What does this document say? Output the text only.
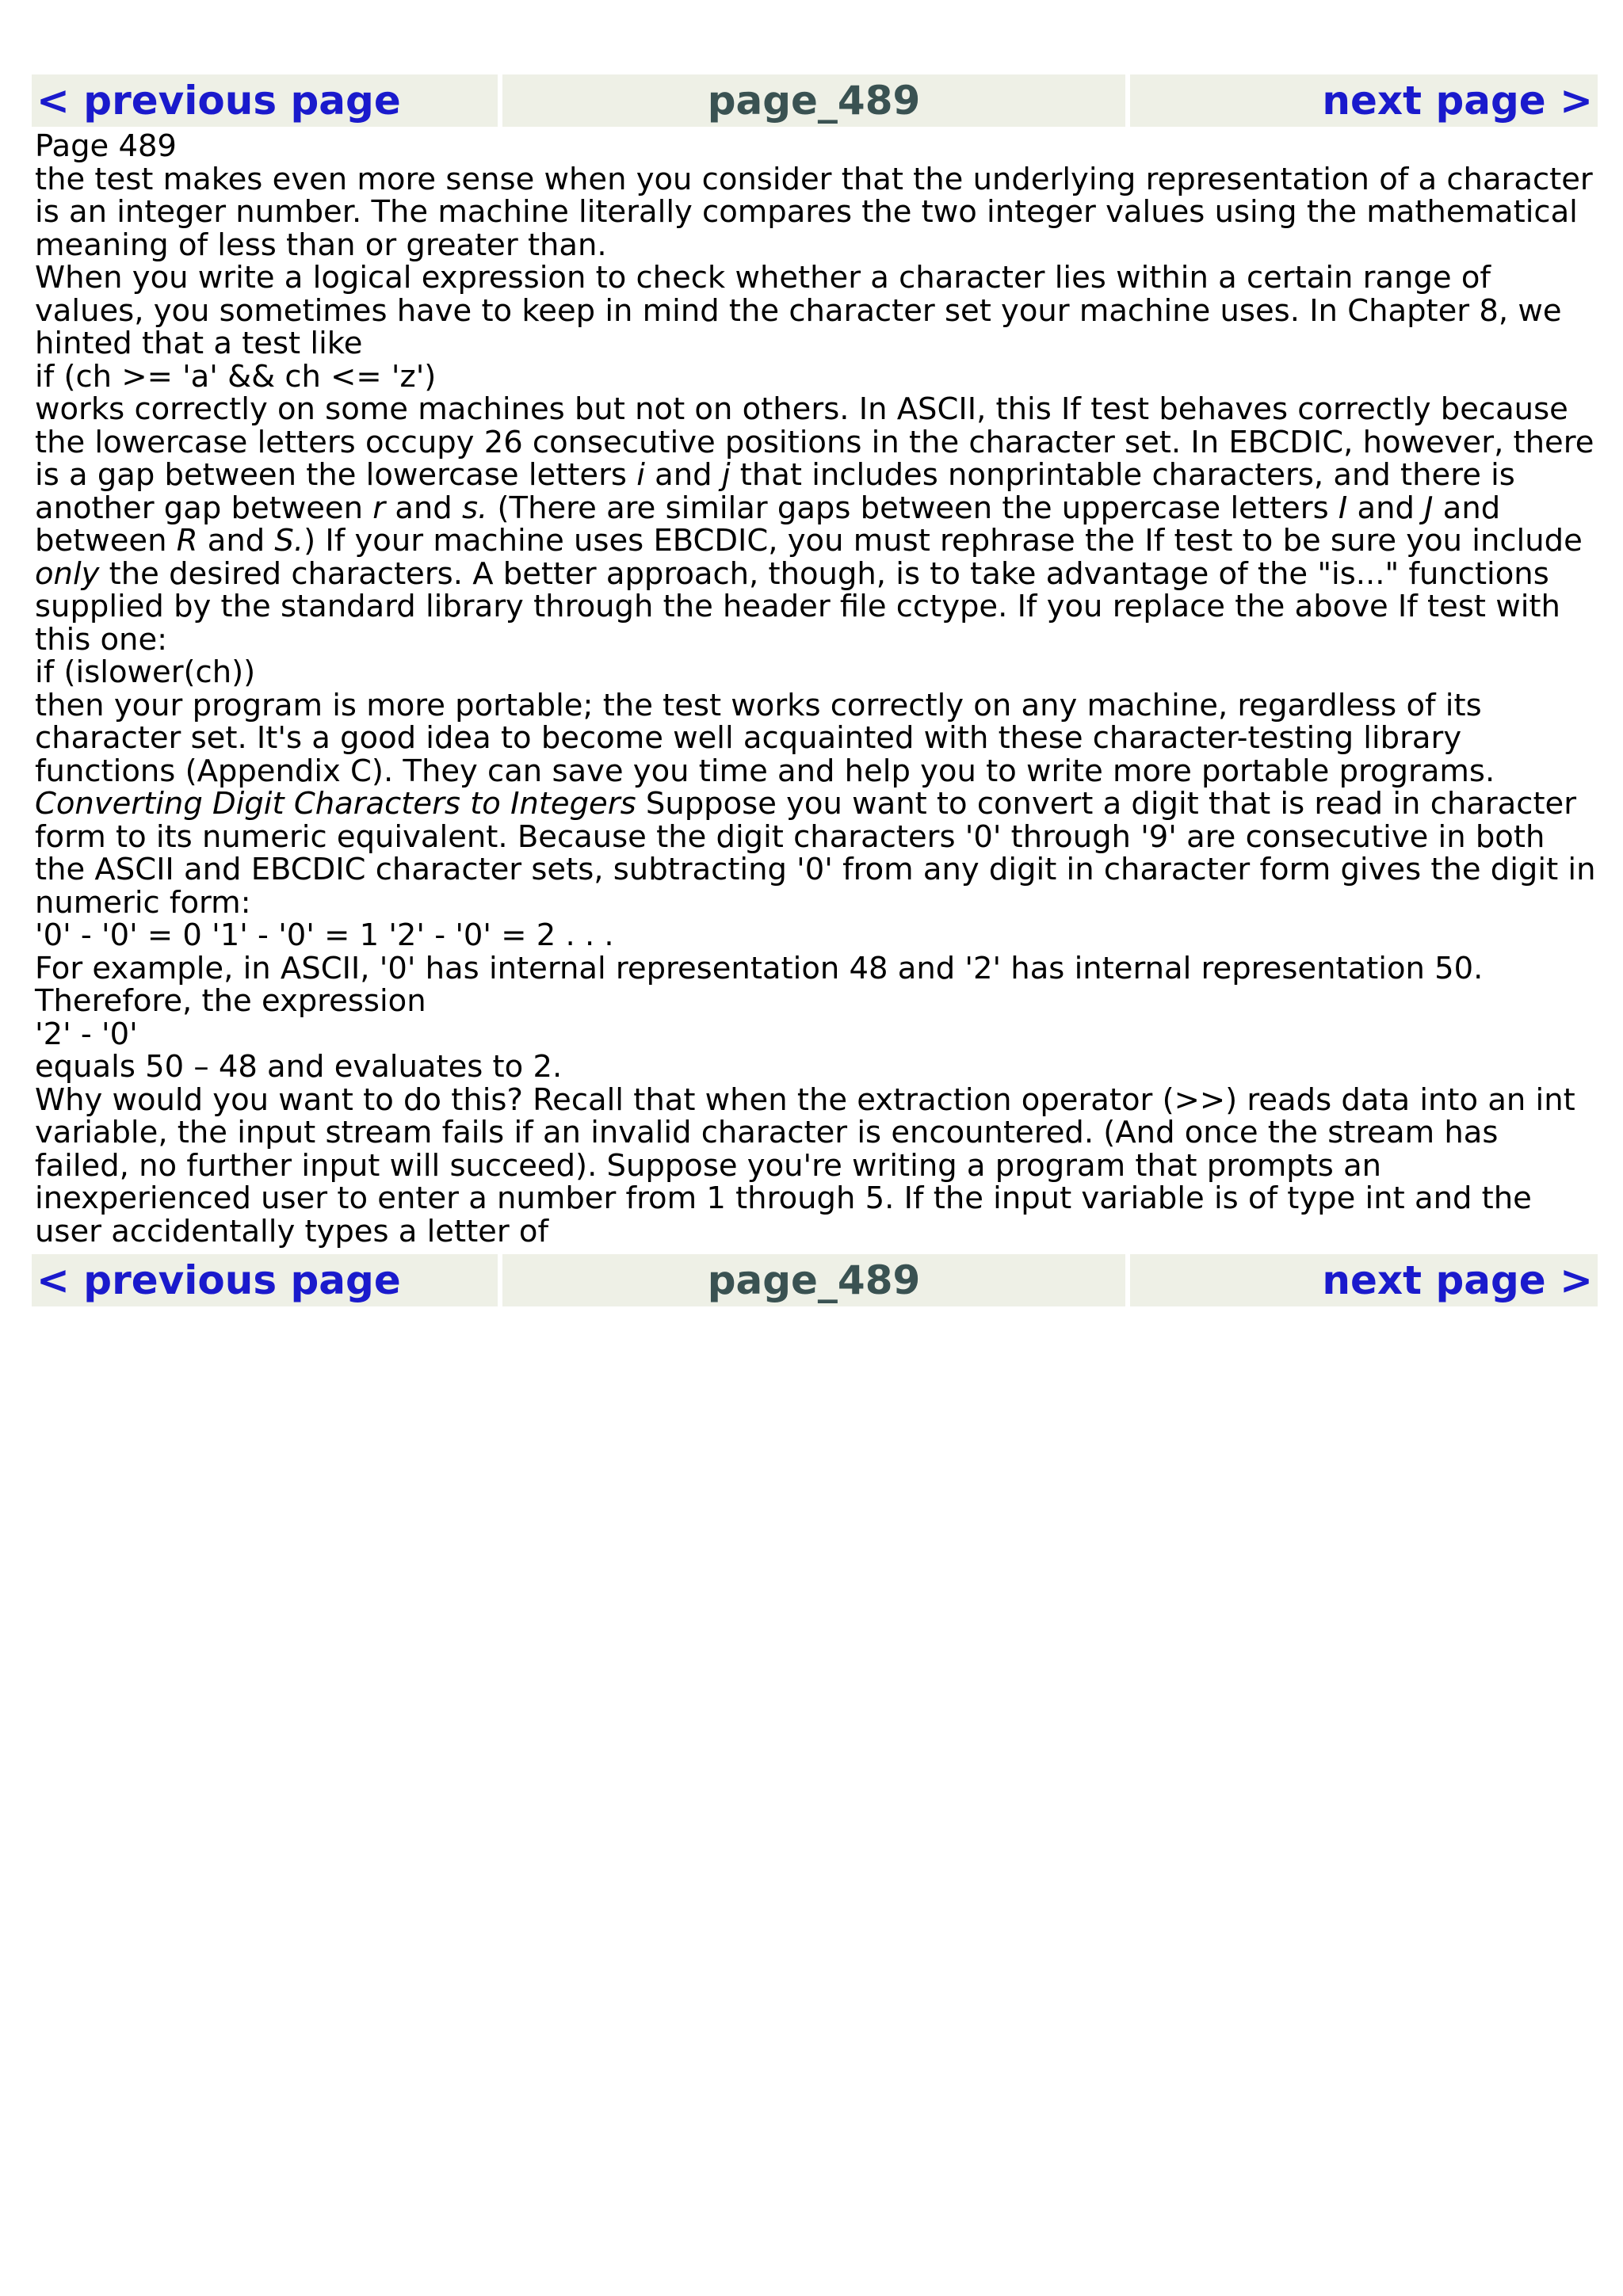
< previous page	page_489	next page >

Page 489

the test makes even more sense when you consider that the underlying representation of a character is an integer number. The machine literally compares the two integer values using the mathematical meaning of less than or greater than.

When you write a logical expression to check whether a character lies within a certain range of values, you sometimes have to keep in mind the character set your machine uses. In Chapter 8, we hinted that a test like

if (ch >= 'a' && ch <= 'z')

works correctly on some machines but not on others. In ASCII, this If test behaves correctly because the lowercase letters occupy 26 consecutive positions in the character set. In EBCDIC, however, there is a gap between the lowercase letters i and j that includes nonprintable characters, and there is another gap between r and s. (There are similar gaps between the uppercase letters I and J and between R and S.) If your machine uses EBCDIC, you must rephrase the If test to be sure you include only the desired characters. A better approach, though, is to take advantage of the "is..." functions supplied by the standard library through the header file cctype. If you replace the above If test with this one:

if (islower(ch))

then your program is more portable; the test works correctly on any machine, regardless of its character set. It's a good idea to become well acquainted with these character-testing library functions (Appendix C). They can save you time and help you to write more portable programs.

Converting Digit Characters to Integers Suppose you want to convert a digit that is read in character form to its numeric equivalent. Because the digit characters '0' through '9' are consecutive in both the ASCII and EBCDIC character sets, subtracting '0' from any digit in character form gives the digit in numeric form:

'0' - '0' = 0 '1' - '0' = 1 '2' - '0' = 2 . . .

For example, in ASCII, '0' has internal representation 48 and '2' has internal representation 50. Therefore, the expression

'2' - '0'

equals 50 – 48 and evaluates to 2.

Why would you want to do this? Recall that when the extraction operator (>>) reads data into an int variable, the input stream fails if an invalid character is encountered. (And once the stream has failed, no further input will succeed). Suppose you're writing a program that prompts an inexperienced user to enter a number from 1 through 5. If the input variable is of type int and the user accidentally types a letter of

< previous page	page_489	next page >
